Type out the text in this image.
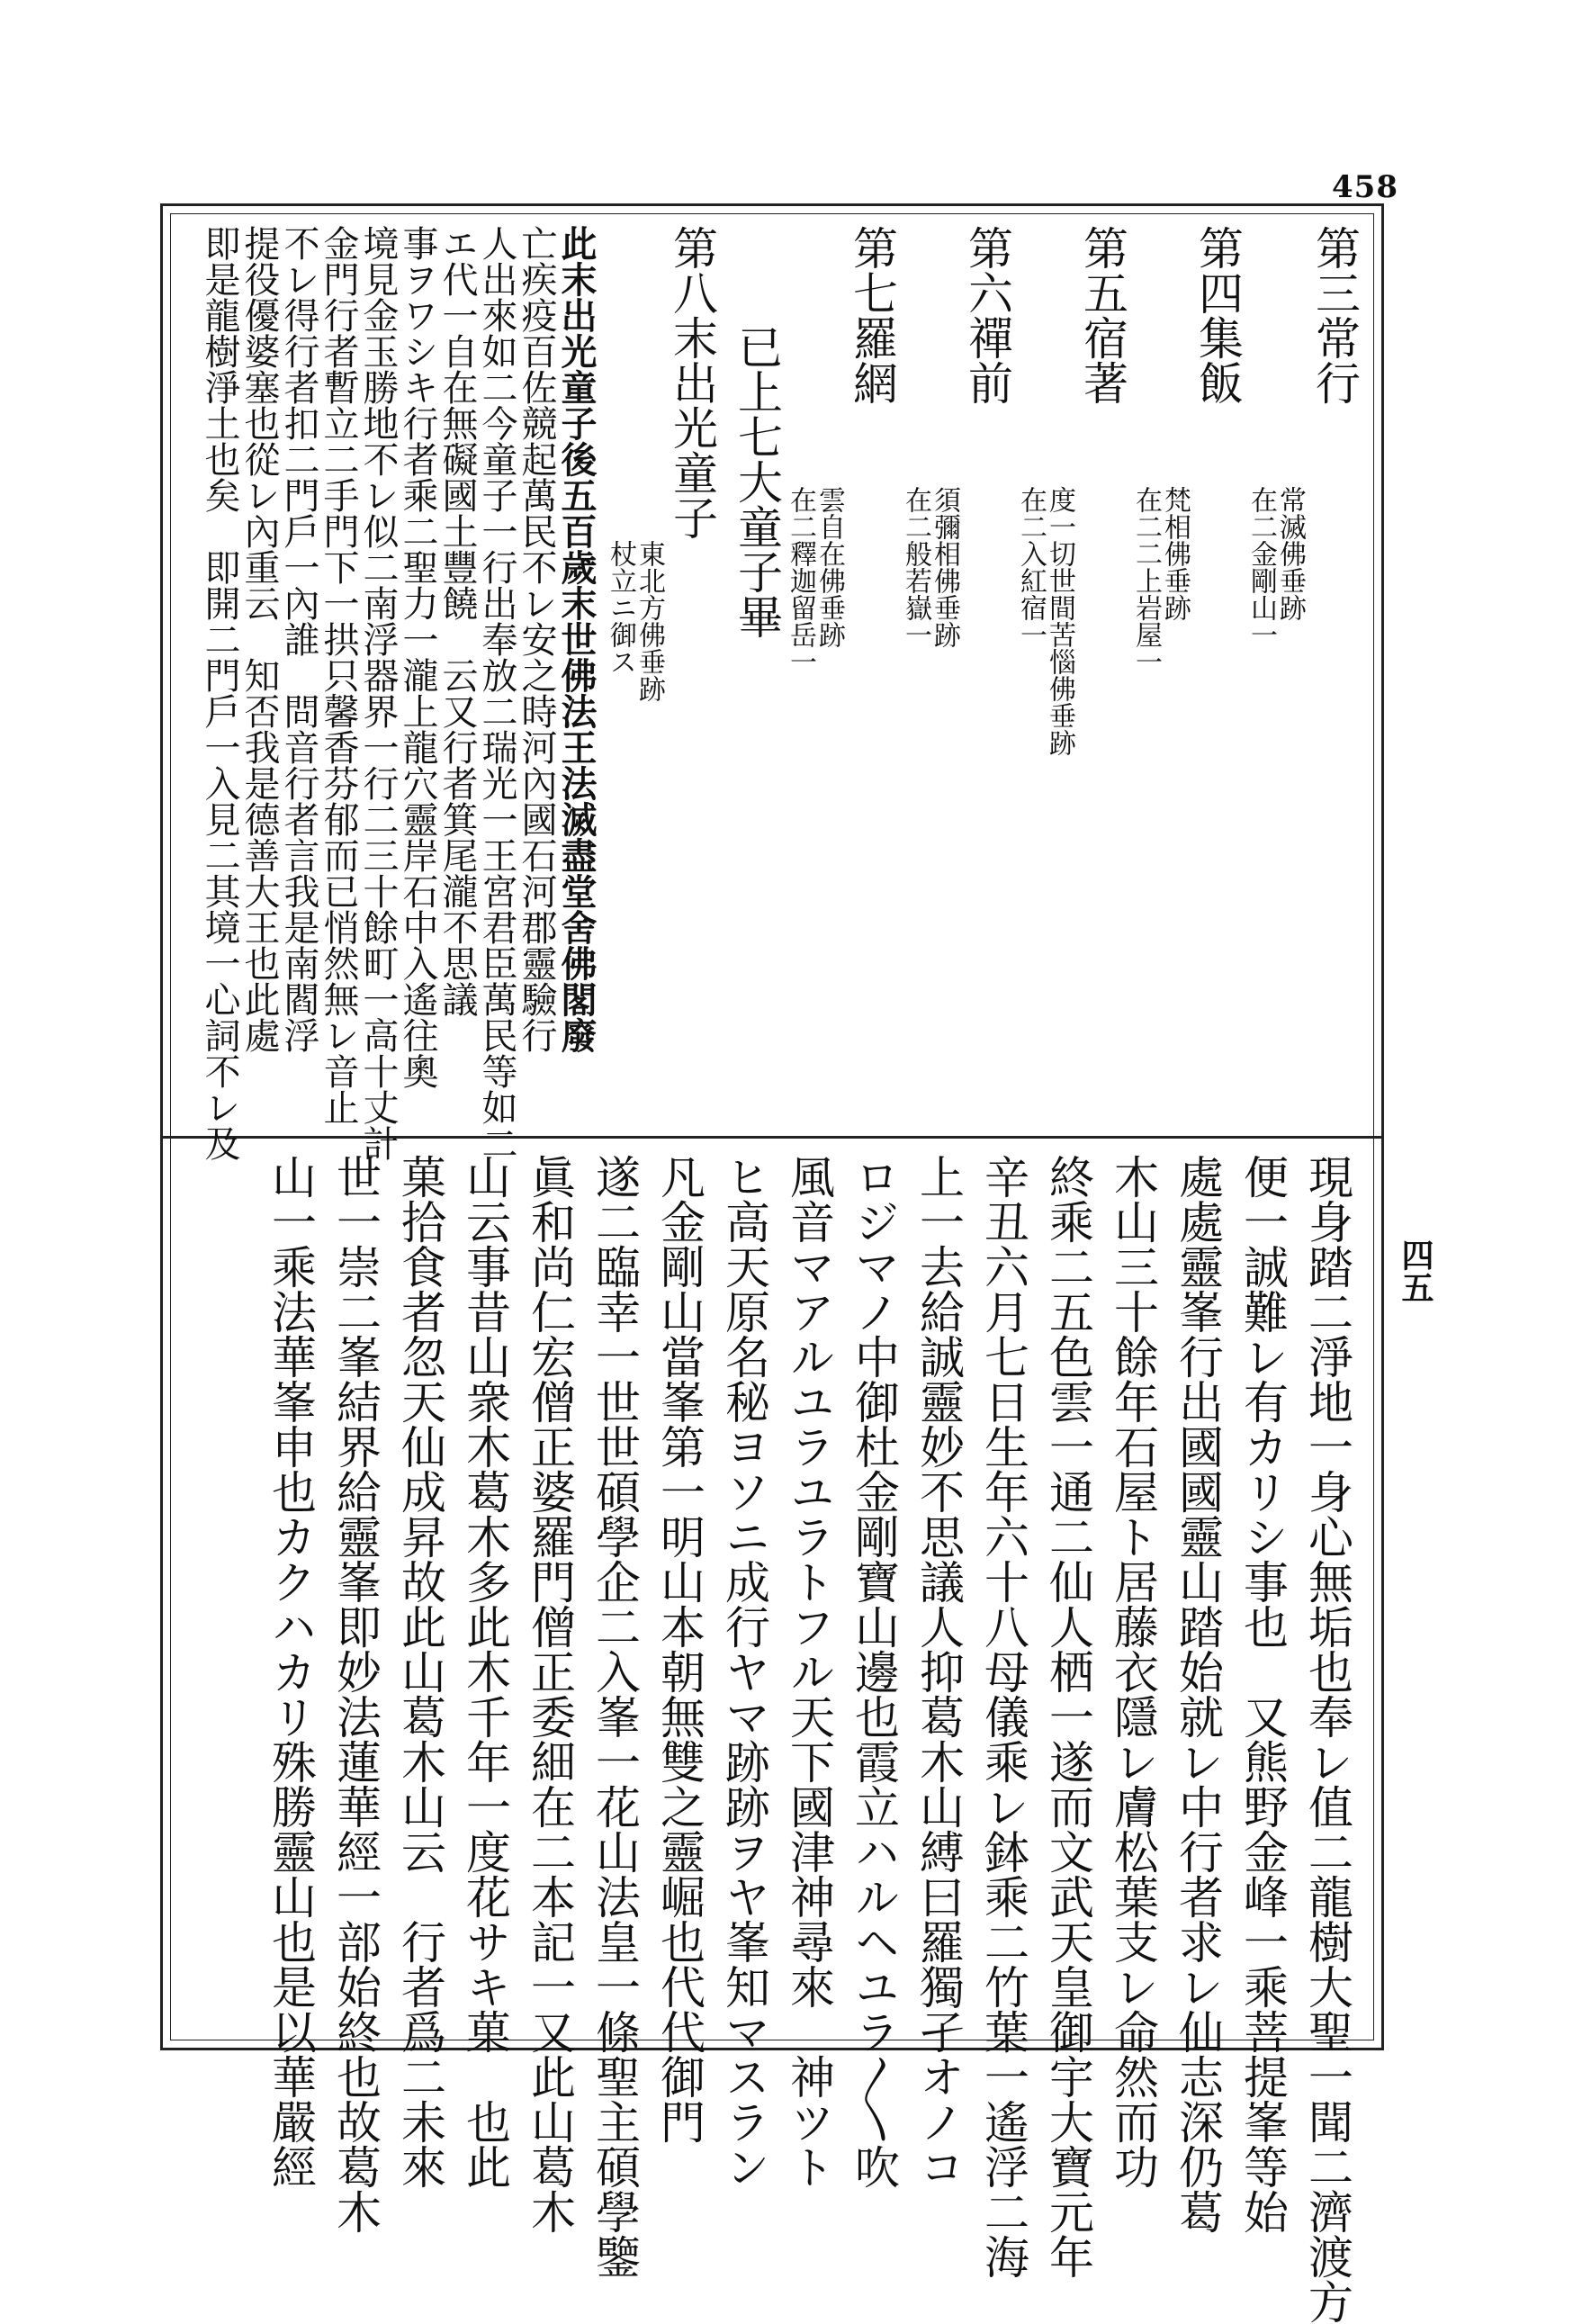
458
四五
第三常行
常滅佛垂跡
在二金剛山一
第四集飯
梵相佛垂跡
在二二上岩屋一
第五宿著
度一切世間苦惱佛垂跡
在二入紅宿一
第六禪前
須彌相佛垂跡
在二般若嶽一
第七羅網
雲自在佛垂跡
在二釋迦留岳一
已上七大童子畢
第八末出光童子
東北方佛垂跡
杖立ニ御ス
此末出光童子後五百歲末世佛法王法滅盡堂舍佛閣廢
亡疾疫百佐競起萬民不レ安之時河內國石河郡靈驗行
人出來如二今童子一行出奉放二瑞光一王宮君臣萬民等如二
エ代一自在無礙國土豐饒　云又行者箕尾瀧不思議
事ヲワシキ行者乘二聖力一瀧上龍穴靈岸石中入遙往奧
境見金玉勝地不レ似二南浮器界一行二三十餘町一高十丈計
金門行者暫立二手門下一拱只馨香芬郁而已悄然無レ音止
不レ得行者扣二門戶一內誰　問音行者言我是南閻浮
提役優婆塞也從レ內重云　知否我是德善大王也此處
即是龍樹淨土也矣　即開二門戶一入見二其境一心詞不レ及
現身踏二淨地一身心無垢也奉レ值二龍樹大聖一聞二濟渡方
便一誠難レ有カリシ事也　又熊野金峰一乘菩提峯等始
處處靈峯行出國國靈山踏始就レ中行者求レ仙志深仍葛
木山三十餘年石屋ト居藤衣隱レ膚松葉支レ命然而功
終乘二五色雲一通二仙人栖一遂而文武天皇御宇大寶元年
辛丑六月七日生年六十八母儀乘レ鉢乘二竹葉一遙浮二海
上一去給誠靈妙不思議人抑葛木山縛曰羅獨孑オノコ
ロジマノ中御杜金剛寶山邊也霞立ハルヘユラ〳〵吹
風音マアルユラユラトフル天下國津神尋來　神ツト
ヒ高天原名秘ヨソニ成行ヤマ跡跡ヲヤ峯知マスラン
凡金剛山當峯第一明山本朝無雙之靈崛也代代御門
遂二臨幸一世世碩學企二入峯一花山法皇一條聖主碩學鑒
眞和尚仁宏僧正婆羅門僧正委細在二本記一又此山葛木
山云事昔山衆木葛木多此木千年一度花サキ菓　也此
菓拾食者忽天仙成昇故此山葛木山云　行者爲二未來
世一崇二峯結界給靈峯即妙法蓮華經一部始終也故葛木
山一乘法華峯申也カクハカリ殊勝靈山也是以華嚴經
